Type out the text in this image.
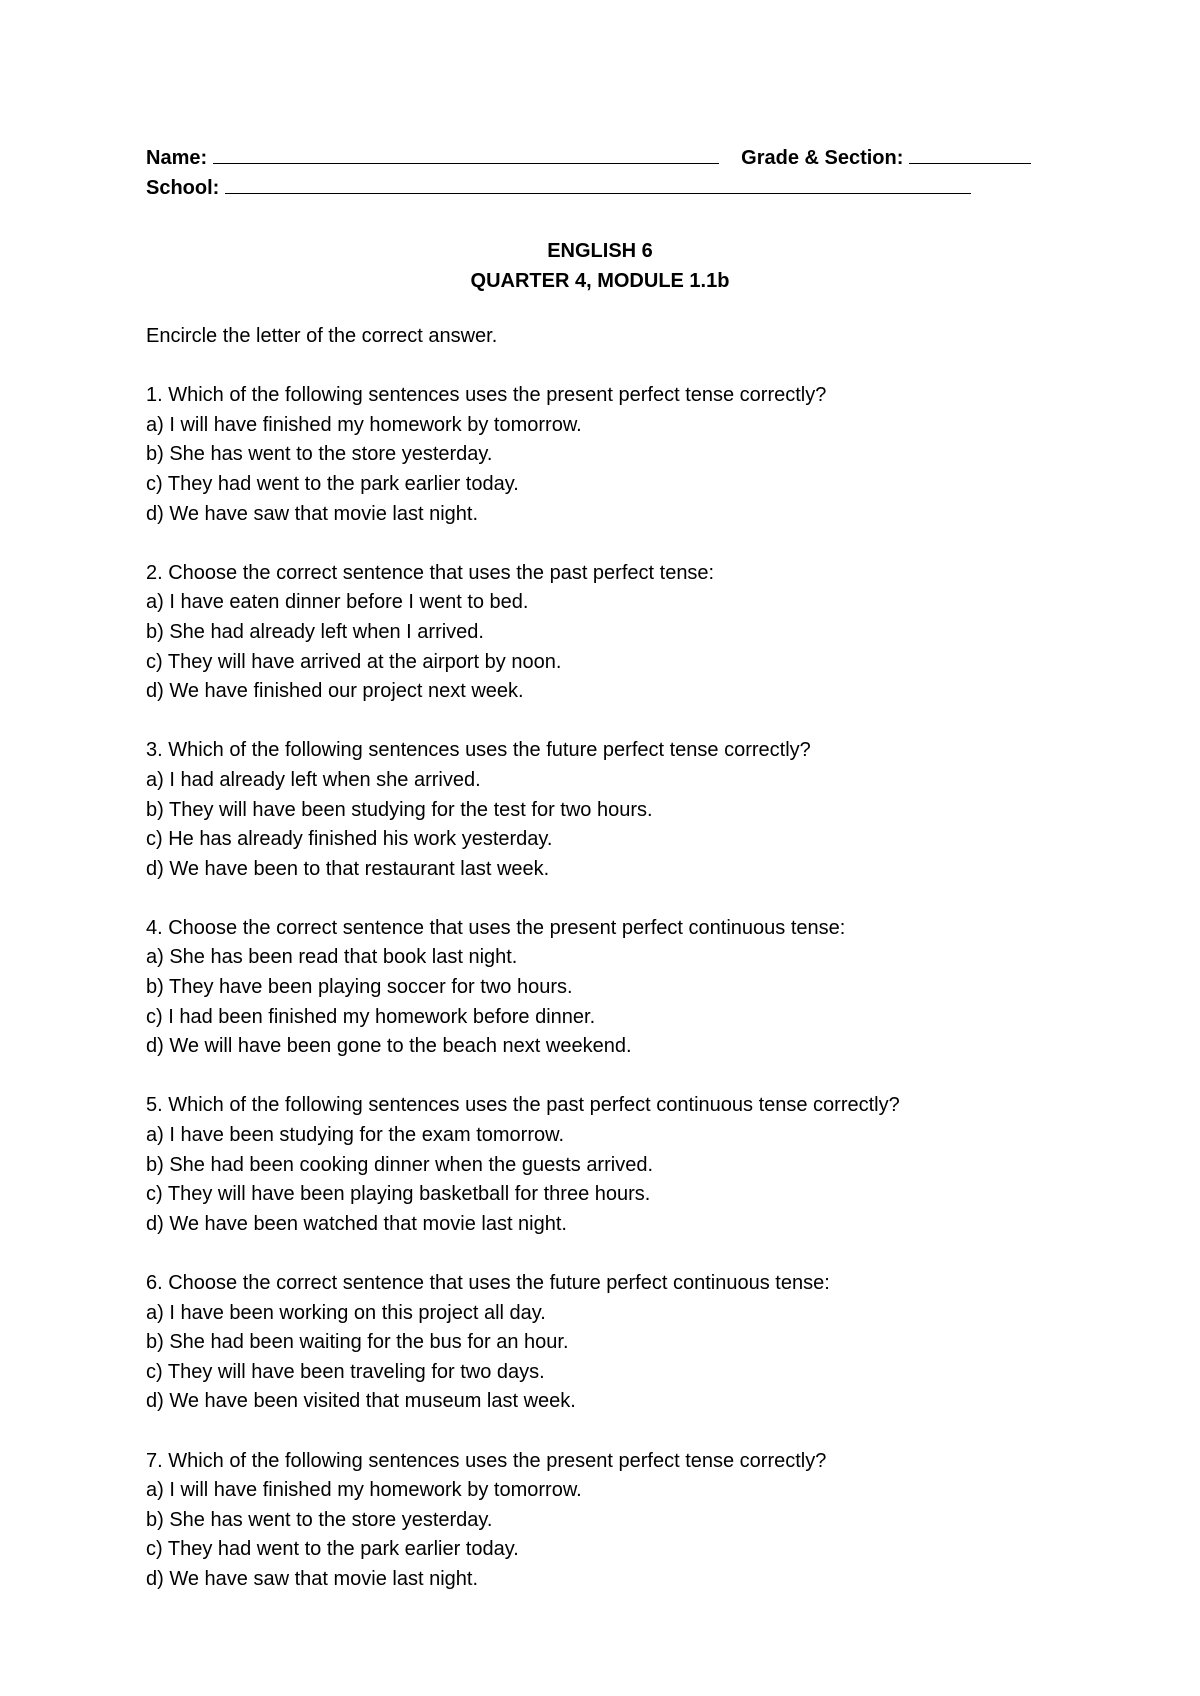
Name:	Grade & Section:
School:
ENGLISH 6
QUARTER 4, MODULE 1.1b
Encircle the letter of the correct answer.
1. Which of the following sentences uses the present perfect tense correctly?
a) I will have finished my homework by tomorrow.
b) She has went to the store yesterday.
c) They had went to the park earlier today.
d) We have saw that movie last night.
2. Choose the correct sentence that uses the past perfect tense:
a) I have eaten dinner before I went to bed.
b) She had already left when I arrived.
c) They will have arrived at the airport by noon.
d) We have finished our project next week.
3. Which of the following sentences uses the future perfect tense correctly?
a) I had already left when she arrived.
b) They will have been studying for the test for two hours.
c) He has already finished his work yesterday.
d) We have been to that restaurant last week.
4. Choose the correct sentence that uses the present perfect continuous tense:
a) She has been read that book last night.
b) They have been playing soccer for two hours.
c) I had been finished my homework before dinner.
d) We will have been gone to the beach next weekend.
5. Which of the following sentences uses the past perfect continuous tense correctly?
a) I have been studying for the exam tomorrow.
b) She had been cooking dinner when the guests arrived.
c) They will have been playing basketball for three hours.
d) We have been watched that movie last night.
6. Choose the correct sentence that uses the future perfect continuous tense:
a) I have been working on this project all day.
b) She had been waiting for the bus for an hour.
c) They will have been traveling for two days.
d) We have been visited that museum last week.
7. Which of the following sentences uses the present perfect tense correctly?
a) I will have finished my homework by tomorrow.
b) She has went to the store yesterday.
c) They had went to the park earlier today.
d) We have saw that movie last night.
